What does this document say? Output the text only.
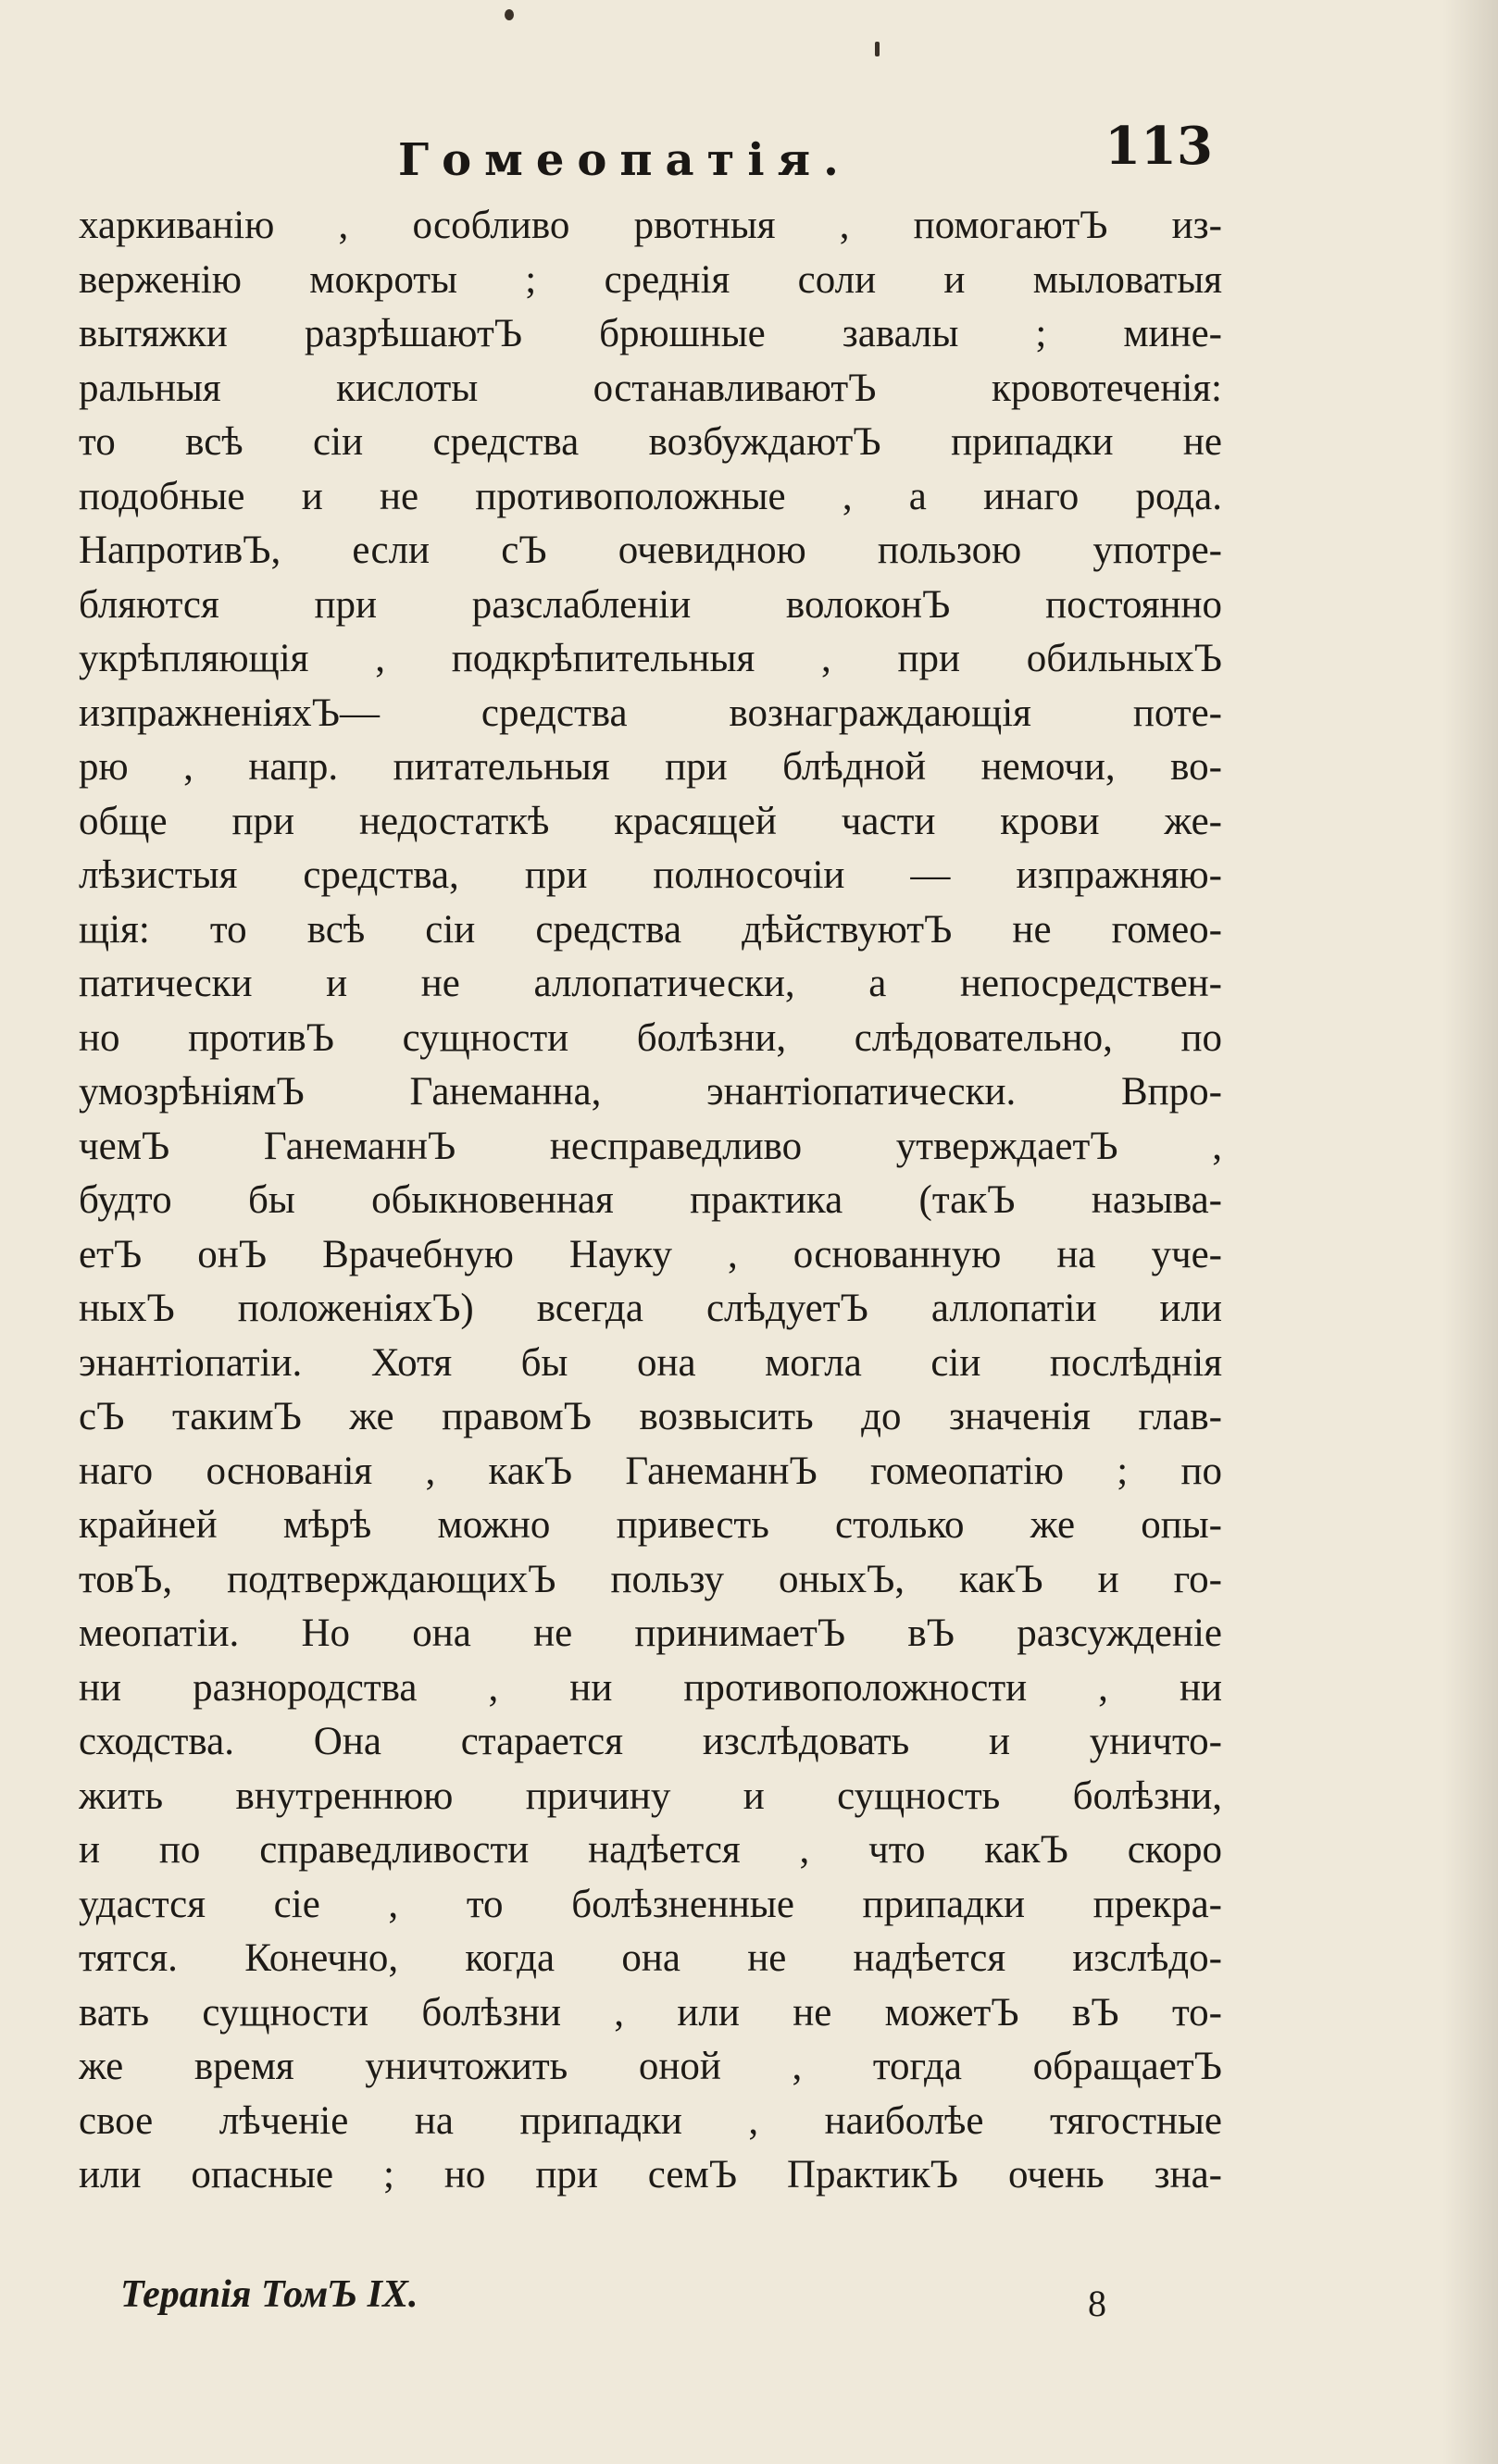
Гомеопатія.	113
харкиванію , особливо рвотныя , помогаютЪ из-
верженію мокроты ; среднія соли и мыловатыя
вытяжки разрѣшаютЪ брюшные завалы ; мине-
ральныя кислоты останавливаютЪ кровотеченія:
то всѣ сіи средства возбуждаютЪ припадки не
подобные и не противоположные , а инаго рода.
НапротивЪ, если сЪ очевидною пользою употре-
бляются при разслабленіи волоконЪ постоянно
укрѣпляющія , подкрѣпительныя , при обильныхЪ
изпражненіяхЪ— средства вознаграждающія поте-
рю , напр. питательныя при блѣдной немочи, во-
обще при недостаткѣ красящей части крови же-
лѣзистыя средства, при полносочіи — изпражняю-
щія: то всѣ сіи средства дѣйствуютЪ не гомео-
патически и не аллопатически, а непосредствен-
но противЪ сущности болѣзни, слѣдовательно, по
умозрѣніямЪ Ганеманна, энантіопатически. Впро-
чемЪ ГанеманнЪ несправедливо утверждаетЪ ,
будто бы обыкновенная практика (такЪ называ-
етЪ онЪ Врачебную Науку , основанную на уче-
ныхЪ положеніяхЪ) всегда слѣдуетЪ аллопатіи или
энантіопатіи. Хотя бы она могла сіи послѣднія
сЪ такимЪ же правомЪ возвысить до значенія глав-
наго основанія , какЪ ГанеманнЪ гомеопатію ; по
крайней мѣрѣ можно привесть столько же опы-
товЪ, подтверждающихЪ пользу оныхЪ, какЪ и го-
меопатіи. Но она не принимаетЪ вЪ разсужденіе
ни разнородства , ни противоположности , ни
сходства. Она старается изслѣдовать и уничто-
жить внутреннюю причину и сущность болѣзни,
и по справедливости надѣется , что какЪ скоро
удастся сіе , то болѣзненные припадки прекра-
тятся. Конечно, когда она не надѣется изслѣдо-
вать сущности болѣзни , или не можетЪ вЪ то-
же время уничтожить оной , тогда обращаетЪ
свое лѣченіе на припадки , наиболѣе тягостные
или опасные ; но при семЪ ПрактикЪ очень зна-
Терапія ТомЪ IX.	8
